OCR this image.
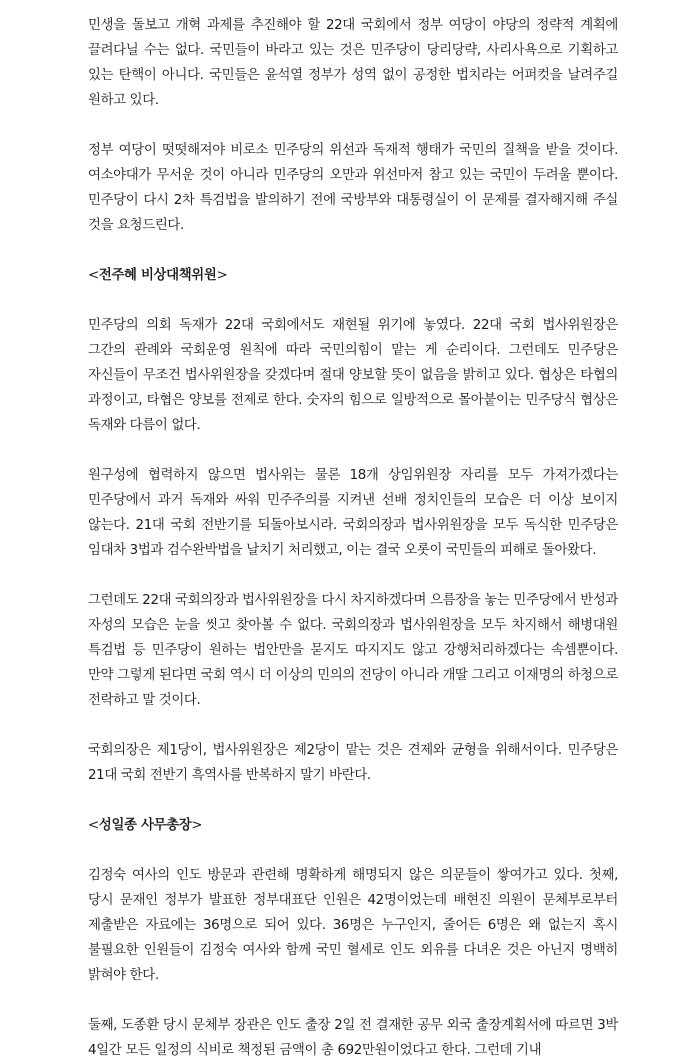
민생을 돌보고 개혁 과제를 추진해야 할 22대 국회에서 정부 여당이 야당의 정략적 계획에 끌려다닐 수는 없다. 국민들이 바라고 있는 것은 민주당이 당리당략, 사리사욕으로 기획하고 있는 탄핵이 아니다. 국민들은 윤석열 정부가 성역 없이 공정한 법치라는 어퍼컷을 날려주길 원하고 있다.

정부 여당이 떳떳해져야 비로소 민주당의 위선과 독재적 행태가 국민의 질책을 받을 것이다. 여소야대가 무서운 것이 아니라 민주당의 오만과 위선마저 참고 있는 국민이 두려울 뿐이다. 민주당이 다시 2차 특검법을 발의하기 전에 국방부와 대통령실이 이 문제를 결자해지해 주실 것을 요청드린다.

<전주혜 비상대책위원>

민주당의 의회 독재가 22대 국회에서도 재현될 위기에 놓였다. 22대 국회 법사위원장은 그간의 관례와 국회운영 원칙에 따라 국민의힘이 맡는 게 순리이다. 그런데도 민주당은 자신들이 무조건 법사위원장을 갖겠다며 절대 양보할 뜻이 없음을 밝히고 있다. 협상은 타협의 과정이고, 타협은 양보를 전제로 한다. 숫자의 힘으로 일방적으로 몰아붙이는 민주당식 협상은 독재와 다름이 없다.

원구성에 협력하지 않으면 법사위는 물론 18개 상임위원장 자리를 모두 가져가겠다는 민주당에서 과거 독재와 싸워 민주주의를 지켜낸 선배 정치인들의 모습은 더 이상 보이지 않는다. 21대 국회 전반기를 되돌아보시라. 국회의장과 법사위원장을 모두 독식한 민주당은 임대차 3법과 검수완박법을 날치기 처리했고, 이는 결국 오롯이 국민들의 피해로 돌아왔다.

그런데도 22대 국회의장과 법사위원장을 다시 차지하겠다며 으름장을 놓는 민주당에서 반성과 자성의 모습은 눈을 씻고 찾아볼 수 없다. 국회의장과 법사위원장을 모두 차지해서 해병대원 특검법 등 민주당이 원하는 법안만을 묻지도 따지지도 않고 강행처리하겠다는 속셈뿐이다. 만약 그렇게 된다면 국회 역시 더 이상의 민의의 전당이 아니라 개딸 그리고 이재명의 하청으로 전락하고 말 것이다.

국회의장은 제1당이, 법사위원장은 제2당이 맡는 것은 견제와 균형을 위해서이다. 민주당은 21대 국회 전반기 흑역사를 반복하지 말기 바란다.

<성일종 사무총장>

김정숙 여사의 인도 방문과 관련해 명확하게 해명되지 않은 의문들이 쌓여가고 있다. 첫째, 당시 문재인 정부가 발표한 정부대표단 인원은 42명이었는데 배현진 의원이 문체부로부터 제출받은 자료에는 36명으로 되어 있다. 36명은 누구인지, 줄어든 6명은 왜 없는지 혹시 불필요한 인원들이 김정숙 여사와 함께 국민 혈세로 인도 외유를 다녀온 것은 아닌지 명백히 밝혀야 한다.

둘째, 도종환 당시 문체부 장관은 인도 출장 2일 전 결재한 공무 외국 출장계획서에 따르면 3박 4일간 모든 일정의 식비로 책정된 금액이 총 692만원이었다고 한다. 그런데 기내
